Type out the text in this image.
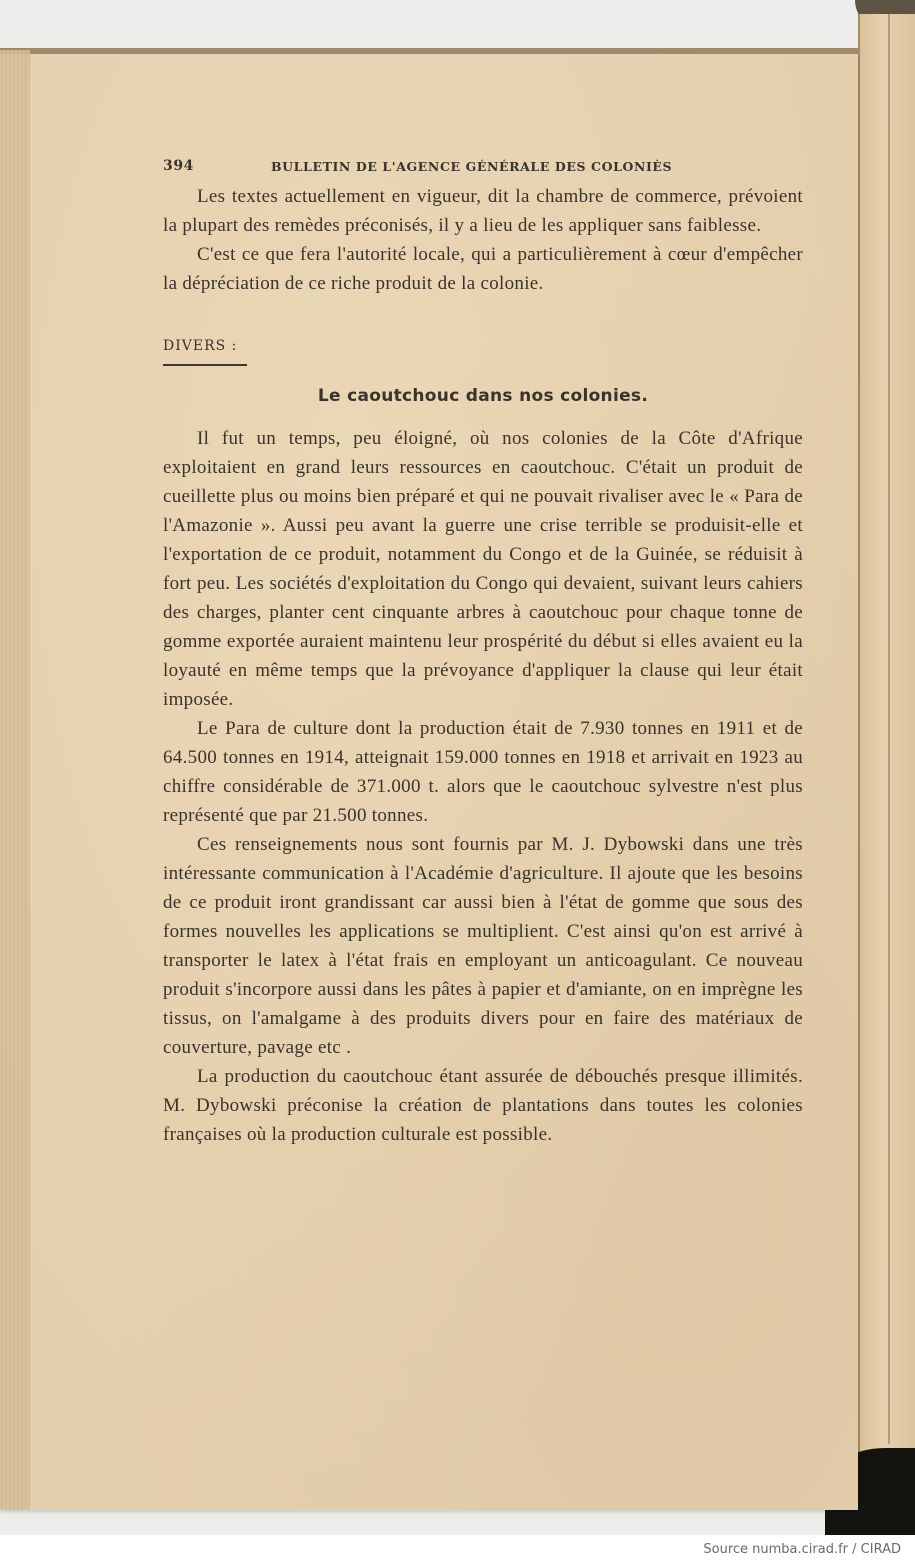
394	BULLETIN DE L'AGENCE GÉNÉRALE DES COLONIÈS

Les textes actuellement en vigueur, dit la chambre de commerce, prévoient la plupart des remèdes préconisés, il y a lieu de les appliquer sans faiblesse.

C'est ce que fera l'autorité locale, qui a particulièrement à cœur d'empêcher la dépréciation de ce riche produit de la colonie.

DIVERS :
Le caoutchouc dans nos colonies.

Il fut un temps, peu éloigné, où nos colonies de la Côte d'Afrique exploitaient en grand leurs ressources en caoutchouc. C'était un produit de cueillette plus ou moins bien préparé et qui ne pouvait rivaliser avec le « Para de l'Amazonie ». Aussi peu avant la guerre une crise terrible se produisit-elle et l'exportation de ce produit, notamment du Congo et de la Guinée, se réduisit à fort peu. Les sociétés d'exploitation du Congo qui devaient, suivant leurs cahiers des charges, planter cent cinquante arbres à caoutchouc pour chaque tonne de gomme exportée auraient maintenu leur prospérité du début si elles avaient eu la loyauté en même temps que la prévoyance d'appliquer la clause qui leur était imposée.

Le Para de culture dont la production était de 7.930 tonnes en 1911 et de 64.500 tonnes en 1914, atteignait 159.000 tonnes en 1918 et arrivait en 1923 au chiffre considérable de 371.000 t. alors que le caoutchouc sylvestre n'est plus représenté que par 21.500 tonnes.

Ces renseignements nous sont fournis par M. J. Dybowski dans une très intéressante communication à l'Académie d'agriculture. Il ajoute que les besoins de ce produit iront grandissant car aussi bien à l'état de gomme que sous des formes nouvelles les applications se multiplient. C'est ainsi qu'on est arrivé à transporter le latex à l'état frais en employant un anticoagulant. Ce nouveau produit s'incorpore aussi dans les pâtes à papier et d'amiante, on en imprègne les tissus, on l'amalgame à des produits divers pour en faire des matériaux de couverture, pavage etc .

La production du caoutchouc étant assurée de débouchés presque illimités. M. Dybowski préconise la création de plantations dans toutes les colonies françaises où la production culturale est possible.

Source numba.cirad.fr / CIRAD
